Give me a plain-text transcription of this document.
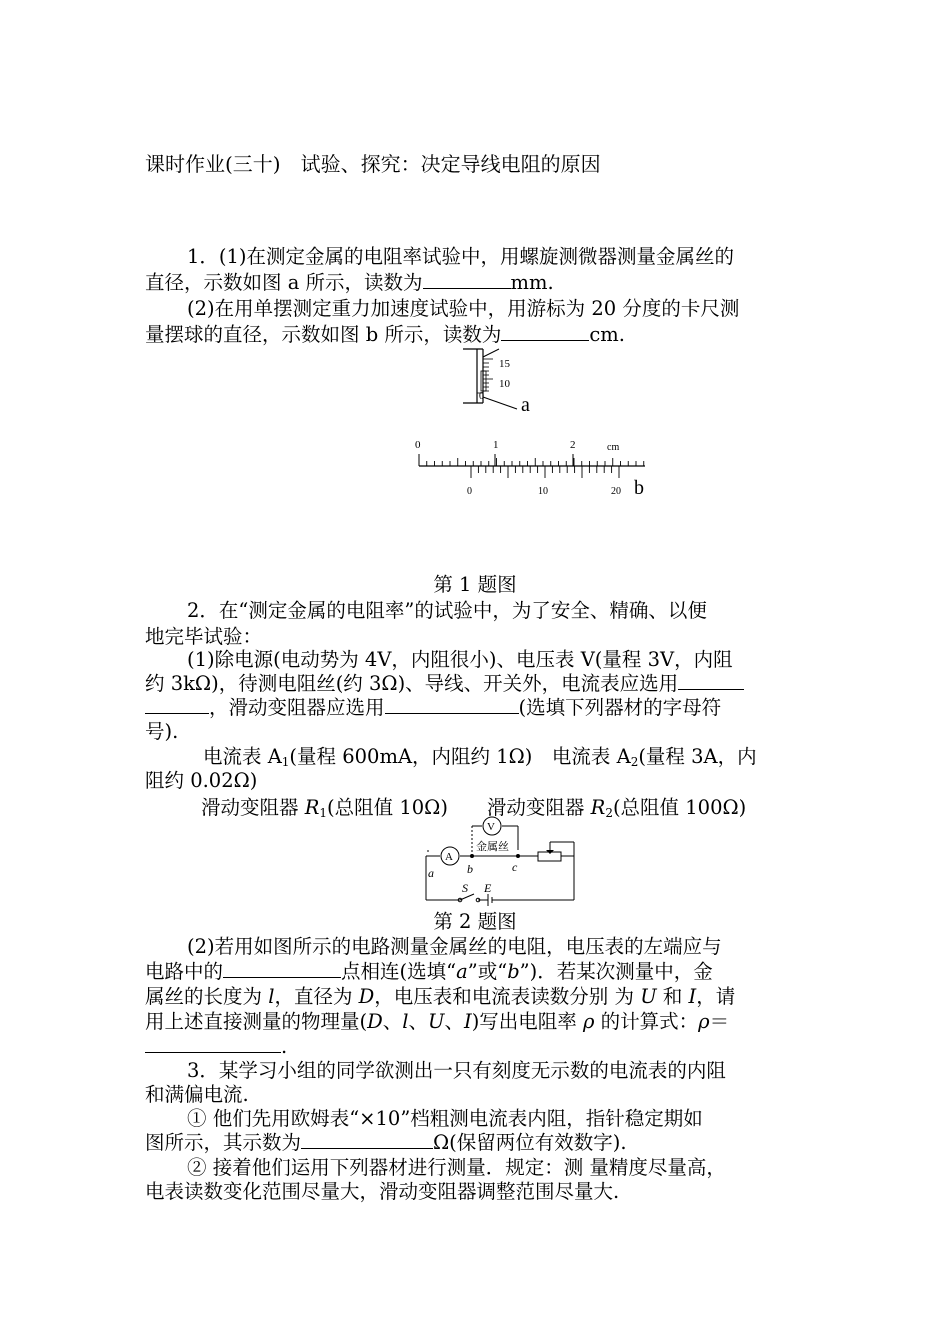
课时作业(三十)　试验、探究：决定导线电阻的原因
1．(1)在测定金属的电阻率试验中，用螺旋测微器测量金属丝的
直径，示数如图 a 所示，读数为	mm.
(2)在用单摆测定重力加速度试验中，用游标为 20 分度的卡尺测
量摆球的直径，示数如图 b 所示，读数为	cm.
15
10
0 a
0	1	2	cm
0	10	20 b
第 1 题图
2．在“测定金属的电阻率”的试验中，为了安全、精确、以便
地完毕试验：
(1)除电源(电动势为 4V，内阻很小)、电压表 V(量程 3V，内阻
约 3kΩ)，待测电阻丝(约 3Ω)、导线、开关外，电流表应选用
，滑动变阻器应选用	(选填下列器材的字母符
号).
电流表 $A_1$(量程 600mA，内阻约 1Ω)　电流表 $A_2$(量程 3A，内
阻约 0.02Ω)
滑动变阻器 $R_1$(总阻值 10Ω)　　滑动变阻器 $R_2$(总阻值 100Ω)
A
V
金属丝
a	b	c
S E
第 2 题图
(2)若用如图所示的电路测量金属丝的电阻，电压表的左端应与
电路中的	点相连(选填“a”或“b”)．若某次测量中，金
属丝的长度为 l，直径为 D，电压表和电流表读数分别 为 U 和 I，请
用上述直接测量的物理量(D、l、U、I)写出电阻率 ρ 的计算式：ρ＝
.
3．某学习小组的同学欲测出一只有刻度无示数的电流表的内阻
和满偏电流.
① 他们先用欧姆表“×10”档粗测电流表内阻，指针稳定期如
图所示，其示数为	Ω(保留两位有效数字).
② 接着他们运用下列器材进行测量．规定：测 量精度尽量高，
电表读数变化范围尽量大，滑动变阻器调整范围尽量大.
